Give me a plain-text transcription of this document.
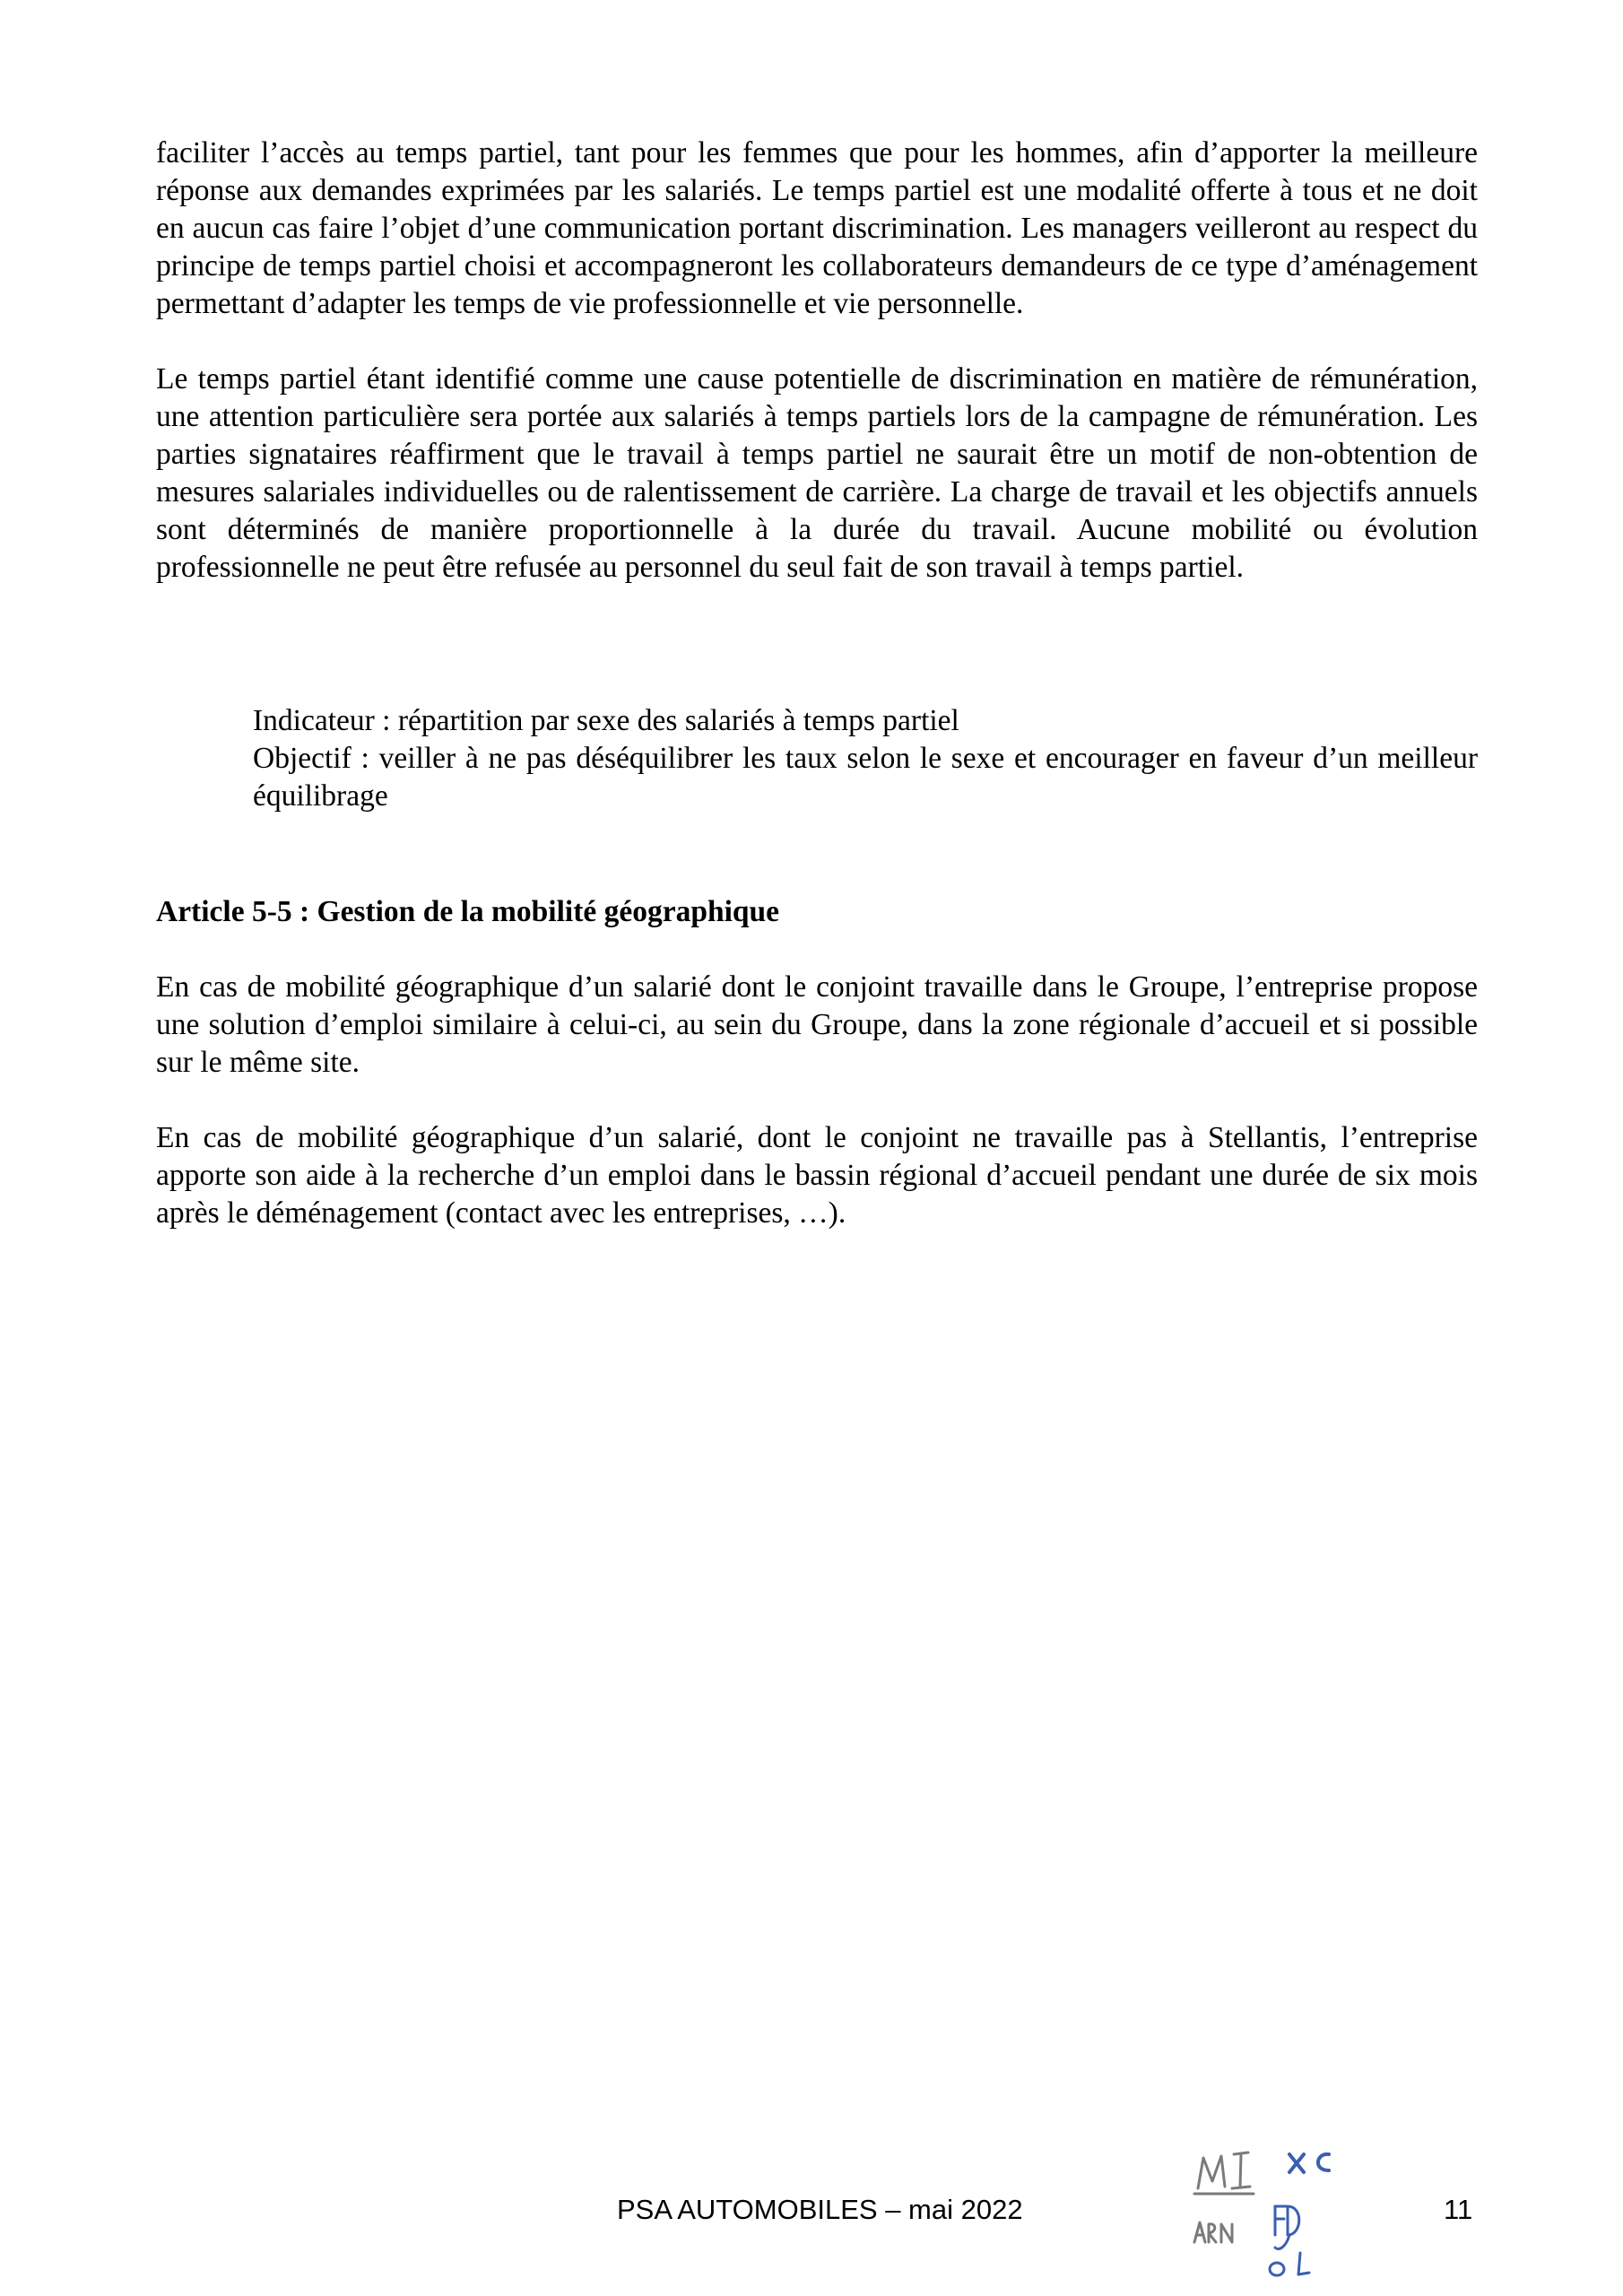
faciliter l’accès au temps partiel, tant pour les femmes que pour les hommes, afin d’apporter la meilleure réponse aux demandes exprimées par les salariés. Le temps partiel est une modalité offerte à tous et ne doit en aucun cas faire l’objet d’une communication portant discrimination. Les managers veilleront au respect du principe de temps partiel choisi et accompagneront les collaborateurs demandeurs de ce type d’aménagement permettant d’adapter les temps de vie professionnelle et vie personnelle.

Le temps partiel étant identifié comme une cause potentielle de discrimination en matière de rémunération, une attention particulière sera portée aux salariés à temps partiels lors de la campagne de rémunération. Les parties signataires réaffirment que le travail à temps partiel ne saurait être un motif de non-obtention de mesures salariales individuelles ou de ralentissement de carrière. La charge de travail et les objectifs annuels sont déterminés de manière proportionnelle à la durée du travail. Aucune mobilité ou évolution professionnelle ne peut être refusée au personnel du seul fait de son travail à temps partiel.

Indicateur : répartition par sexe des salariés à temps partiel

Objectif : veiller à ne pas déséquilibrer les taux selon le sexe et encourager en faveur d’un meilleur équilibrage

Article 5-5 : Gestion de la mobilité géographique

En cas de mobilité géographique d’un salarié dont le conjoint travaille dans le Groupe, l’entreprise propose une solution d’emploi similaire à celui-ci, au sein du Groupe, dans la zone régionale d’accueil et si possible sur le même site.

En cas de mobilité géographique d’un salarié, dont le conjoint ne travaille pas à Stellantis, l’entreprise apporte son aide à la recherche d’un emploi dans le bassin régional d’accueil pendant une durée de six mois après le déménagement (contact avec les entreprises, …).

PSA AUTOMOBILES – mai 2022	11
